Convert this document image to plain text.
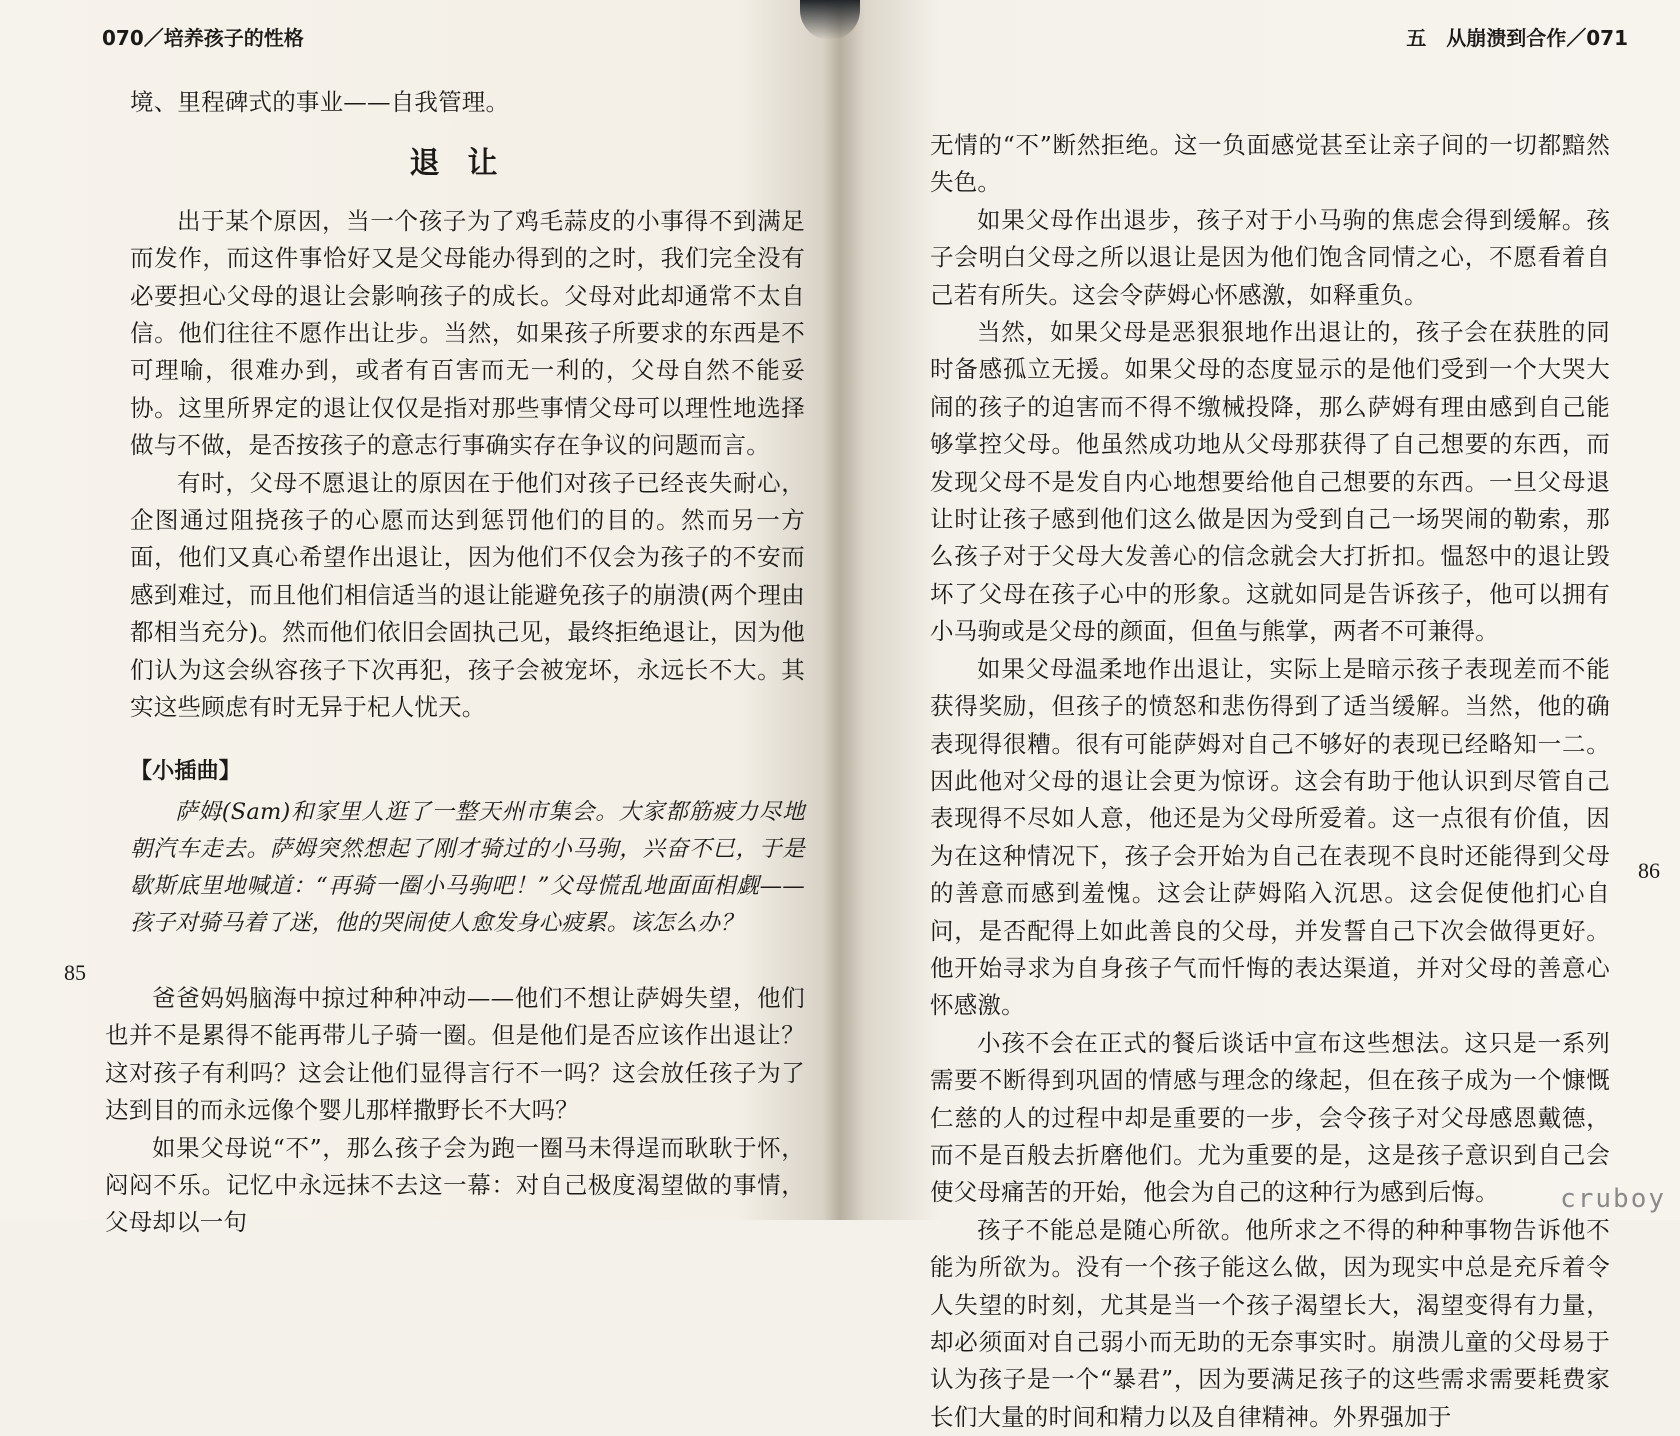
070／培养孩子的性格

境、里程碑式的事业——自我管理。

退让

出于某个原因，当一个孩子为了鸡毛蒜皮的小事得不到满足而发作，而这件事恰好又是父母能办得到的之时，我们完全没有必要担心父母的退让会影响孩子的成长。父母对此却通常不太自信。他们往往不愿作出让步。当然，如果孩子所要求的东西是不可理喻，很难办到，或者有百害而无一利的，父母自然不能妥协。这里所界定的退让仅仅是指对那些事情父母可以理性地选择做与不做，是否按孩子的意志行事确实存在争议的问题而言。

有时，父母不愿退让的原因在于他们对孩子已经丧失耐心，企图通过阻挠孩子的心愿而达到惩罚他们的目的。然而另一方面，他们又真心希望作出退让，因为他们不仅会为孩子的不安而感到难过，而且他们相信适当的退让能避免孩子的崩溃(两个理由都相当充分)。然而他们依旧会固执己见，最终拒绝退让，因为他们认为这会纵容孩子下次再犯，孩子会被宠坏，永远长不大。其实这些顾虑有时无异于杞人忧天。

【小插曲】

萨姆(Sam)和家里人逛了一整天州市集会。大家都筋疲力尽地朝汽车走去。萨姆突然想起了刚才骑过的小马驹，兴奋不已，于是歇斯底里地喊道：“再骑一圈小马驹吧！”父母慌乱地面面相觑——孩子对骑马着了迷，他的哭闹使人愈发身心疲累。该怎么办？

85

爸爸妈妈脑海中掠过种种冲动——他们不想让萨姆失望，他们也并不是累得不能再带儿子骑一圈。但是他们是否应该作出退让？这对孩子有利吗？这会让他们显得言行不一吗？这会放任孩子为了达到目的而永远像个婴儿那样撒野长不大吗？

如果父母说“不”，那么孩子会为跑一圈马未得逞而耿耿于怀，闷闷不乐。记忆中永远抹不去这一幕：对自己极度渴望做的事情，父母却以一句

五　从崩溃到合作／071

无情的“不”断然拒绝。这一负面感觉甚至让亲子间的一切都黯然失色。

如果父母作出退步，孩子对于小马驹的焦虑会得到缓解。孩子会明白父母之所以退让是因为他们饱含同情之心，不愿看着自己若有所失。这会令萨姆心怀感激，如释重负。

当然，如果父母是恶狠狠地作出退让的，孩子会在获胜的同时备感孤立无援。如果父母的态度显示的是他们受到一个大哭大闹的孩子的迫害而不得不缴械投降，那么萨姆有理由感到自己能够掌控父母。他虽然成功地从父母那获得了自己想要的东西，而发现父母不是发自内心地想要给他自己想要的东西。一旦父母退让时让孩子感到他们这么做是因为受到自己一场哭闹的勒索，那么孩子对于父母大发善心的信念就会大打折扣。愠怒中的退让毁坏了父母在孩子心中的形象。这就如同是告诉孩子，他可以拥有小马驹或是父母的颜面，但鱼与熊掌，两者不可兼得。

如果父母温柔地作出退让，实际上是暗示孩子表现差而不能获得奖励，但孩子的愤怒和悲伤得到了适当缓解。当然，他的确表现得很糟。很有可能萨姆对自己不够好的表现已经略知一二。因此他对父母的退让会更为惊讶。这会有助于他认识到尽管自己表现得不尽如人意，他还是为父母所爱着。这一点很有价值，因为在这种情况下，孩子会开始为自己在表现不良时还能得到父母的善意而感到羞愧。这会让萨姆陷入沉思。这会促使他扪心自问，是否配得上如此善良的父母，并发誓自己下次会做得更好。他开始寻求为自身孩子气而忏悔的表达渠道，并对父母的善意心怀感激。

小孩不会在正式的餐后谈话中宣布这些想法。这只是一系列需要不断得到巩固的情感与理念的缘起，但在孩子成为一个慷慨仁慈的人的过程中却是重要的一步，会令孩子对父母感恩戴德，而不是百般去折磨他们。尤为重要的是，这是孩子意识到自己会使父母痛苦的开始，他会为自己的这种行为感到后悔。

孩子不能总是随心所欲。他所求之不得的种种事物告诉他不能为所欲为。没有一个孩子能这么做，因为现实中总是充斥着令人失望的时刻，尤其是当一个孩子渴望长大，渴望变得有力量，却必须面对自己弱小而无助的无奈事实时。崩溃儿童的父母易于认为孩子是一个“暴君”，因为要满足孩子的这些需求需要耗费家长们大量的时间和精力以及自律精神。外界强加于

86
cruboy
